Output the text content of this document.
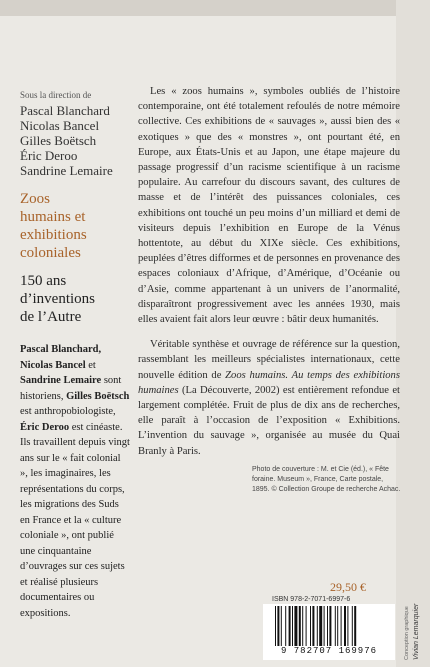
Sous la direction de

Pascal Blanchard

Nicolas Bancel

Gilles Boëtsch

Éric Deroo

Sandrine Lemaire

Zoos

humains et

exhibitions

coloniales

150 ans
d’inventions
de l’Autre
Pascal Blanchard, Nicolas Bancel et Sandrine Lemaire sont historiens, Gilles Boëtsch est anthropobiologiste, Éric Deroo est cinéaste. Ils travaillent depuis vingt ans sur le « fait colonial », les imaginaires, les représentations du corps, les migrations des Suds en France et la « culture coloniale », ont publié une cinquantaine d’ouvrages sur ces sujets et réalisé plusieurs documentaires ou expositions.

Les « zoos humains », symboles oubliés de l’histoire contemporaine, ont été totalement refoulés de notre mémoire collective. Ces exhibitions de « sauvages », aussi bien des « exotiques » que des « monstres », ont pourtant été, en Europe, aux États-Unis et au Japon, une étape majeure du passage progressif d’un racisme scientifique à un racisme populaire. Au carrefour du discours savant, des cultures de masse et de l’intérêt des puissances coloniales, ces exhibitions ont touché un peu moins d’un milliard et demi de visiteurs depuis l’exhibition en Europe de la Vénus hottentote, au début du XIXe siècle. Ces exhibitions, peuplées d’êtres difformes et de personnes en provenance des espaces coloniaux d’Afrique, d’Amérique, d’Océanie ou d’Asie, comme appartenant à un univers de l’anormalité, disparaîtront progressivement avec les années 1930, mais elles avaient fait alors leur œuvre : bâtir deux humanités.

Véritable synthèse et ouvrage de référence sur la question, rassemblant les meilleurs spécialistes internationaux, cette nouvelle édition de Zoos humains. Au temps des exhibitions humaines (La Découverte, 2002) est entièrement refondue et largement complétée. Fruit de plus de dix ans de recherches, elle paraît à l’occasion de l’exposition « Exhibitions. L’invention du sauvage », organisée au musée du Quai Branly à Paris.

Photo de couverture : M. et Cie (éd.), « Fête foraine. Museum », France, Carte postale, 1895. © Collection Groupe de recherche Achac.
29,50 €
ISBN 978-2-7071-6997-6
9 782707 169976	Conception graphique Vivian Lemarquier
